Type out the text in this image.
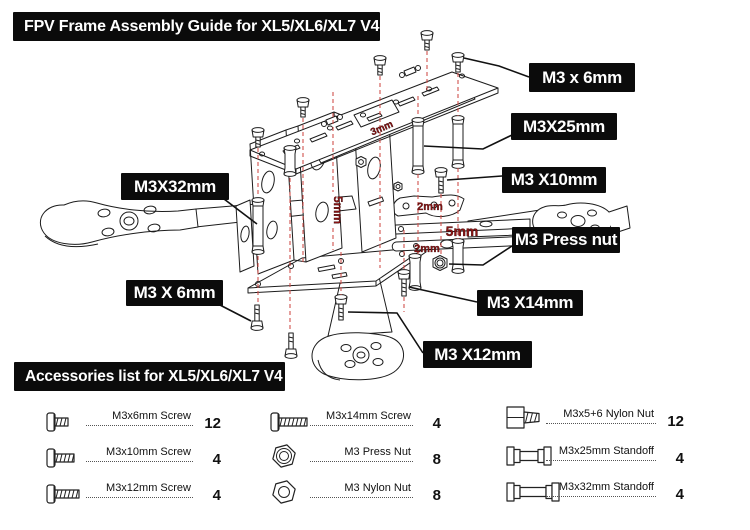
3mm
5mm	2mm
5mm
2mm
FPV Frame Assembly Guide for XL5/XL6/XL7 V4
M3 x 6mm
M3X25mm
M3 X10mm
M3X32mm
M3 Press nut
M3 X 6mm
M3 X14mm
M3 X12mm
Accessories list for XL5/XL6/XL7 V4
M3x6mm Screw 12
M3x10mm Screw 4
M3x12mm Screw 4
M3x14mm Screw 4
M3 Press Nut 8
M3 Nylon Nut 8
M3x5+6 Nylon Nut 12
M3x25mm Standoff 4
M3x32mm Standoff 4
